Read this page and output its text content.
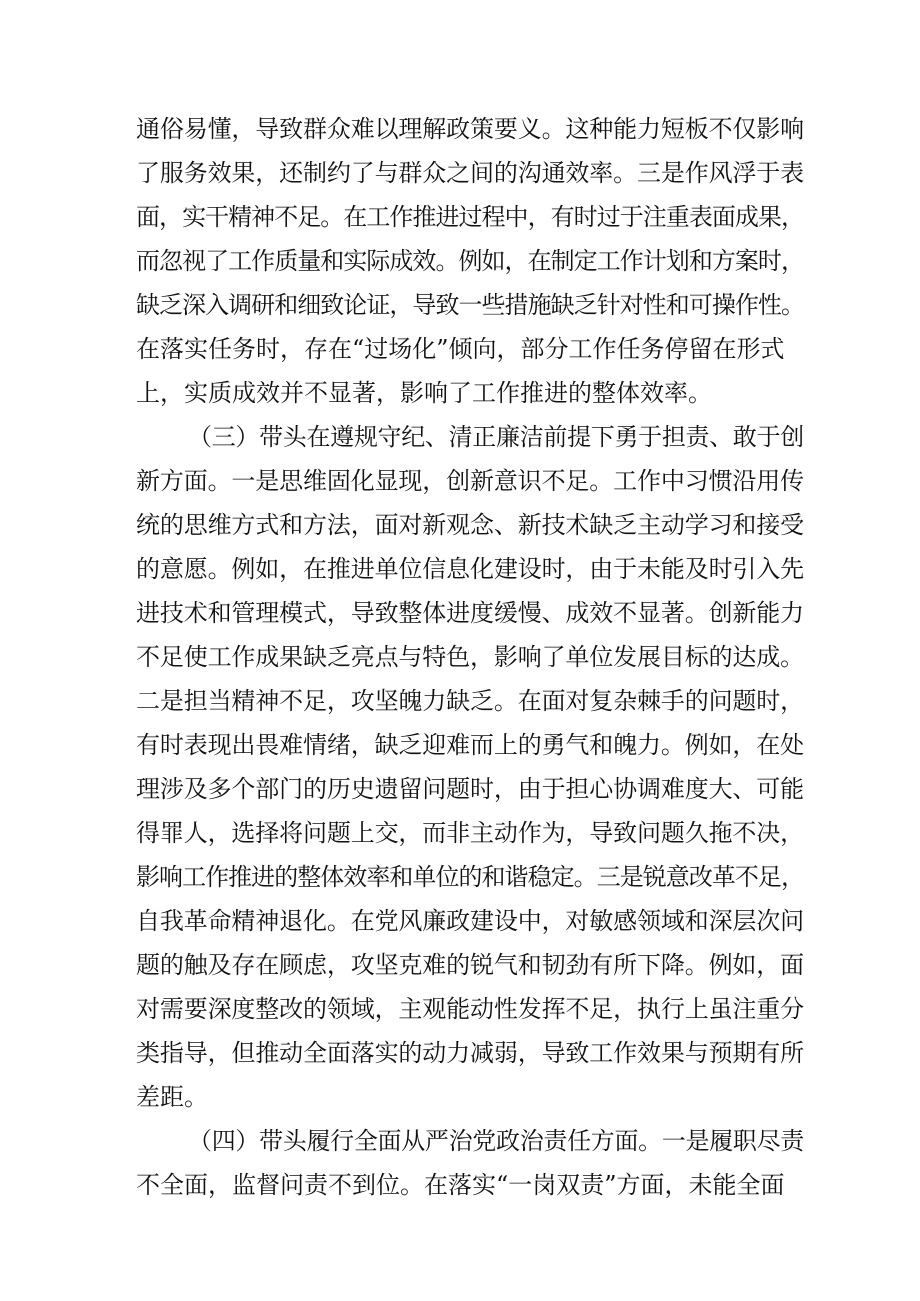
通俗易懂，导致群众难以理解政策要义。这种能力短板不仅影响
了服务效果，还制约了与群众之间的沟通效率。三是作风浮于表
面，实干精神不足。在工作推进过程中，有时过于注重表面成果，
而忽视了工作质量和实际成效。例如，在制定工作计划和方案时，
缺乏深入调研和细致论证，导致一些措施缺乏针对性和可操作性。
在落实任务时，存在“过场化”倾向，部分工作任务停留在形式
上，实质成效并不显著，影响了工作推进的整体效率。
（三）带头在遵规守纪、清正廉洁前提下勇于担责、敢于创
新方面。一是思维固化显现，创新意识不足。工作中习惯沿用传
统的思维方式和方法，面对新观念、新技术缺乏主动学习和接受
的意愿。例如，在推进单位信息化建设时，由于未能及时引入先
进技术和管理模式，导致整体进度缓慢、成效不显著。创新能力
不足使工作成果缺乏亮点与特色，影响了单位发展目标的达成。
二是担当精神不足，攻坚魄力缺乏。在面对复杂棘手的问题时，
有时表现出畏难情绪，缺乏迎难而上的勇气和魄力。例如，在处
理涉及多个部门的历史遗留问题时，由于担心协调难度大、可能
得罪人，选择将问题上交，而非主动作为，导致问题久拖不决，
影响工作推进的整体效率和单位的和谐稳定。三是锐意改革不足，
自我革命精神退化。在党风廉政建设中，对敏感领域和深层次问
题的触及存在顾虑，攻坚克难的锐气和韧劲有所下降。例如，面
对需要深度整改的领域，主观能动性发挥不足，执行上虽注重分
类指导，但推动全面落实的动力减弱，导致工作效果与预期有所
差距。
（四）带头履行全面从严治党政治责任方面。一是履职尽责
不全面，监督问责不到位。在落实“一岗双责”方面，未能全面
